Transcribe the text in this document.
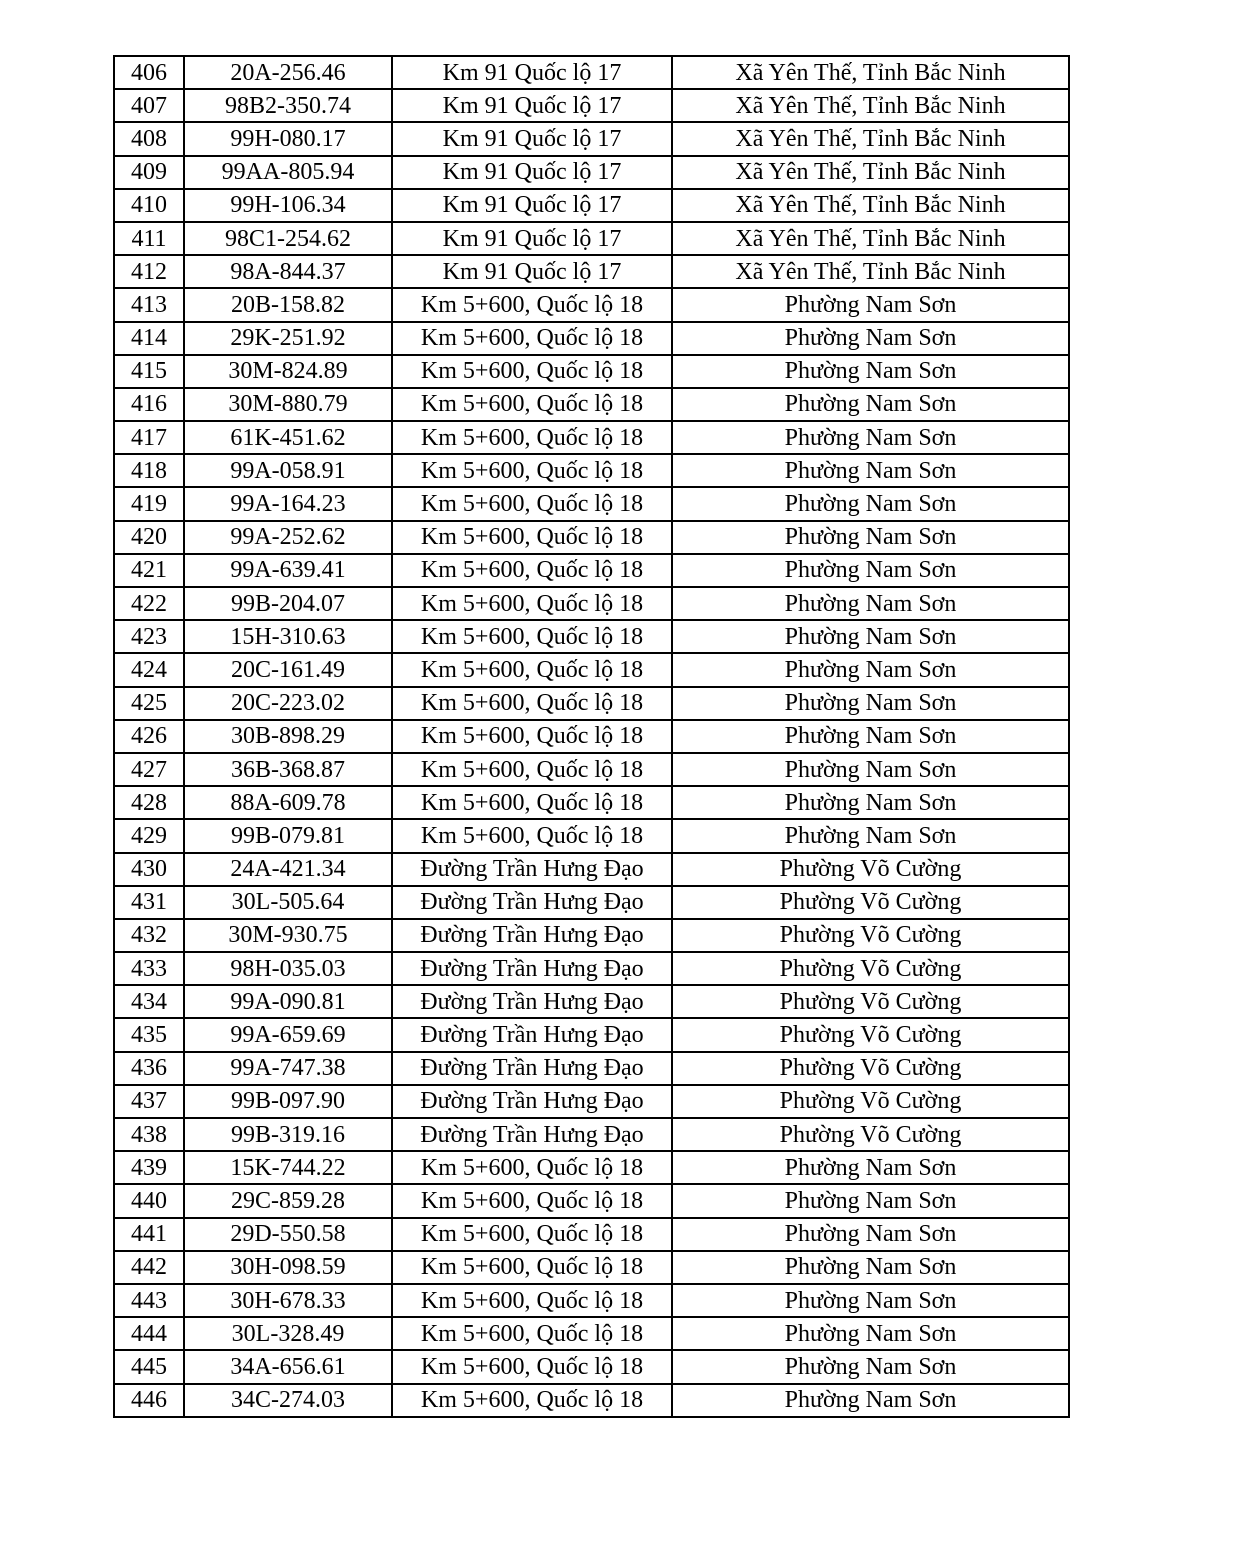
406	20A-256.46	Km 91 Quốc lộ 17	Xã Yên Thế, Tỉnh Bắc Ninh
407	98B2-350.74	Km 91 Quốc lộ 17	Xã Yên Thế, Tỉnh Bắc Ninh
408	99H-080.17	Km 91 Quốc lộ 17	Xã Yên Thế, Tỉnh Bắc Ninh
409	99AA-805.94	Km 91 Quốc lộ 17	Xã Yên Thế, Tỉnh Bắc Ninh
410	99H-106.34	Km 91 Quốc lộ 17	Xã Yên Thế, Tỉnh Bắc Ninh
411	98C1-254.62	Km 91 Quốc lộ 17	Xã Yên Thế, Tỉnh Bắc Ninh
412	98A-844.37	Km 91 Quốc lộ 17	Xã Yên Thế, Tỉnh Bắc Ninh
413	20B-158.82	Km 5+600, Quốc lộ 18	Phường Nam Sơn
414	29K-251.92	Km 5+600, Quốc lộ 18	Phường Nam Sơn
415	30M-824.89	Km 5+600, Quốc lộ 18	Phường Nam Sơn
416	30M-880.79	Km 5+600, Quốc lộ 18	Phường Nam Sơn
417	61K-451.62	Km 5+600, Quốc lộ 18	Phường Nam Sơn
418	99A-058.91	Km 5+600, Quốc lộ 18	Phường Nam Sơn
419	99A-164.23	Km 5+600, Quốc lộ 18	Phường Nam Sơn
420	99A-252.62	Km 5+600, Quốc lộ 18	Phường Nam Sơn
421	99A-639.41	Km 5+600, Quốc lộ 18	Phường Nam Sơn
422	99B-204.07	Km 5+600, Quốc lộ 18	Phường Nam Sơn
423	15H-310.63	Km 5+600, Quốc lộ 18	Phường Nam Sơn
424	20C-161.49	Km 5+600, Quốc lộ 18	Phường Nam Sơn
425	20C-223.02	Km 5+600, Quốc lộ 18	Phường Nam Sơn
426	30B-898.29	Km 5+600, Quốc lộ 18	Phường Nam Sơn
427	36B-368.87	Km 5+600, Quốc lộ 18	Phường Nam Sơn
428	88A-609.78	Km 5+600, Quốc lộ 18	Phường Nam Sơn
429	99B-079.81	Km 5+600, Quốc lộ 18	Phường Nam Sơn
430	24A-421.34	Đường Trần Hưng Đạo	Phường Võ Cường
431	30L-505.64	Đường Trần Hưng Đạo	Phường Võ Cường
432	30M-930.75	Đường Trần Hưng Đạo	Phường Võ Cường
433	98H-035.03	Đường Trần Hưng Đạo	Phường Võ Cường
434	99A-090.81	Đường Trần Hưng Đạo	Phường Võ Cường
435	99A-659.69	Đường Trần Hưng Đạo	Phường Võ Cường
436	99A-747.38	Đường Trần Hưng Đạo	Phường Võ Cường
437	99B-097.90	Đường Trần Hưng Đạo	Phường Võ Cường
438	99B-319.16	Đường Trần Hưng Đạo	Phường Võ Cường
439	15K-744.22	Km 5+600, Quốc lộ 18	Phường Nam Sơn
440	29C-859.28	Km 5+600, Quốc lộ 18	Phường Nam Sơn
441	29D-550.58	Km 5+600, Quốc lộ 18	Phường Nam Sơn
442	30H-098.59	Km 5+600, Quốc lộ 18	Phường Nam Sơn
443	30H-678.33	Km 5+600, Quốc lộ 18	Phường Nam Sơn
444	30L-328.49	Km 5+600, Quốc lộ 18	Phường Nam Sơn
445	34A-656.61	Km 5+600, Quốc lộ 18	Phường Nam Sơn
446	34C-274.03	Km 5+600, Quốc lộ 18	Phường Nam Sơn
